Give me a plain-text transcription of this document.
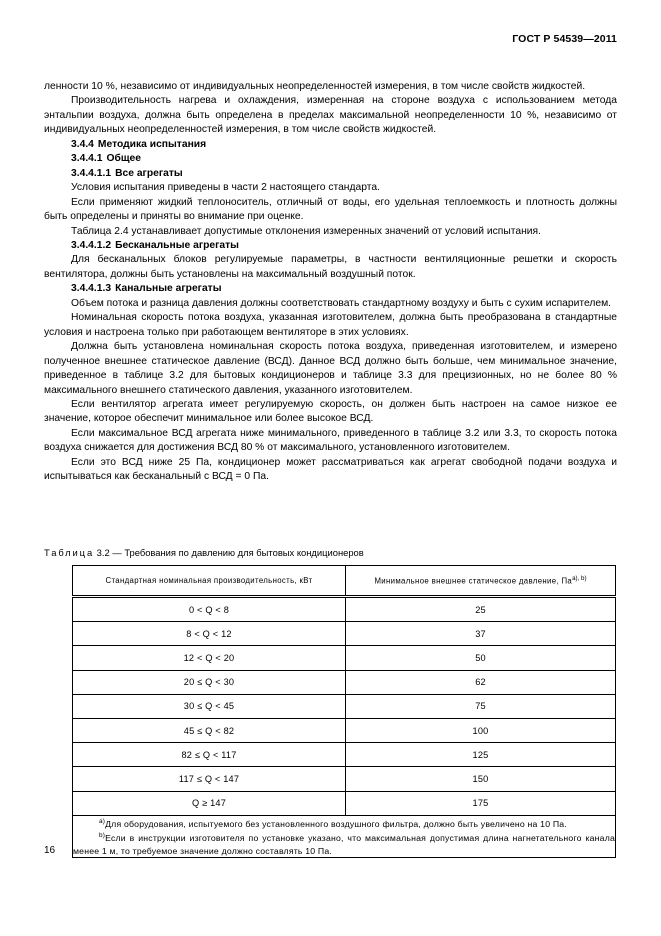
ГОСТ Р 54539—2011

ленности 10 %, независимо от индивидуальных неопределенностей измерения, в том числе свойств жидкостей.

Производительность нагрева и охлаждения, измеренная на стороне воздуха с использованием метода энтальпии воздуха, должна быть определена в пределах максимальной неопределенности 10 %, независимо от индивидуальных неопределенностей измерения, в том числе свойств жидкостей.

3.4.4 Методика испытания
3.4.4.1 Общее
3.4.4.1.1 Все агрегаты

Условия испытания приведены в части 2 настоящего стандарта.

Если применяют жидкий теплоноситель, отличный от воды, его удельная теплоемкость и плотность должны быть определены и приняты во внимание при оценке.

Таблица 2.4 устанавливает допустимые отклонения измеренных значений от условий испытания.

3.4.4.1.2 Бесканальные агрегаты

Для бесканальных блоков регулируемые параметры, в частности вентиляционные решетки и скорость вентилятора, должны быть установлены на максимальный воздушный поток.

3.4.4.1.3 Канальные агрегаты

Объем потока и разница давления должны соответствовать стандартному воздуху и быть с сухим испарителем.

Номинальная скорость потока воздуха, указанная изготовителем, должна быть преобразована в стандартные условия и настроена только при работающем вентиляторе в этих условиях.

Должна быть установлена номинальная скорость потока воздуха, приведенная изготовителем, и измерено полученное внешнее статическое давление (ВСД). Данное ВСД должно быть больше, чем минимальное значение, приведенное в таблице 3.2 для бытовых кондиционеров и таблице 3.3 для прецизионных, но не более 80 % максимального внешнего статического давления, указанного изготовителем.

Если вентилятор агрегата имеет регулируемую скорость, он должен быть настроен на самое низкое ее значение, которое обеспечит минимальное или более высокое ВСД.

Если максимальное ВСД агрегата ниже минимального, приведенного в таблице 3.2 или 3.3, то скорость потока воздуха снижается для достижения ВСД 80 % от максимального, установленного изготовителем.

Если это ВСД ниже 25 Па, кондиционер может рассматриваться как агрегат свободной подачи воздуха и испытываться как бесканальный с ВСД = 0 Па.

Таблица 3.2 — Требования по давлению для бытовых кондиционеров
Стандартная номинальная производительность, кВт	Минимальное внешнее статическое давление, Па$^{a), b)}$
0 < Q < 8	25
8 < Q < 12	37
12 < Q < 20	50
20 ≤ Q < 30	62
30 ≤ Q < 45	75
45 ≤ Q < 82	100
82 ≤ Q < 117	125
117 ≤ Q < 147	150
Q ≥ 147	175

$^{a)}$Для оборудования, испытуемого без установленного воздушного фильтра, должно быть увеличено на 10 Па.

$^{b)}$Если в инструкции изготовителя по установке указано, что максимальная допустимая длина нагнетательного канала менее 1 м, то требуемое значение должно составлять 10 Па.	

16
